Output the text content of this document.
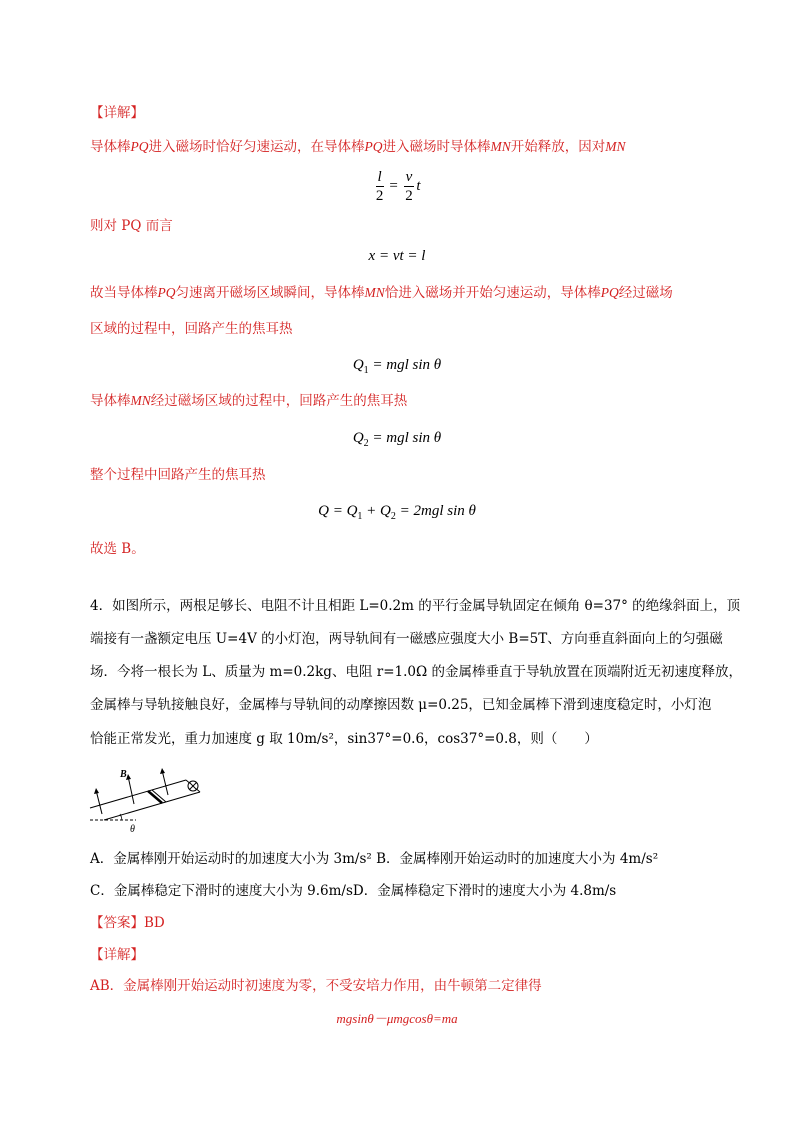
【详解】
导体棒PQ进入磁场时恰好匀速运动，在导体棒PQ进入磁场时导体棒MN开始释放，因对MN
$\frac{l}{2} = \frac{v}{2}$ t
则对 PQ 而言
x = vt = l
故当导体棒PQ匀速离开磁场区域瞬间，导体棒MN恰进入磁场并开始匀速运动，导体棒PQ经过磁场
区域的过程中，回路产生的焦耳热
$Q_1$ = mgl sin θ
导体棒MN经过磁场区域的过程中，回路产生的焦耳热
$Q_2$ = mgl sin θ
整个过程中回路产生的焦耳热
$Q = Q_1 + Q_2 = 2mgl$ sin θ
故选 B。
4．如图所示，两根足够长、电阻不计且相距 L=0.2m 的平行金属导轨固定在倾角 θ=37° 的绝缘斜面上，顶
端接有一盏额定电压 U=4V 的小灯泡，两导轨间有一磁感应强度大小 B=5T、方向垂直斜面向上的匀强磁
场．今将一根长为 L、质量为 m=0.2kg、电阻 r=1.0Ω 的金属棒垂直于导轨放置在顶端附近无初速度释放，
金属棒与导轨接触良好，金属棒与导轨间的动摩擦因数 μ=0.25，已知金属棒下滑到速度稳定时，小灯泡
恰能正常发光，重力加速度 g 取 10m/s²，sin37°=0.6，cos37°=0.8，则（　　）
B
θ
A．金属棒刚开始运动时的加速度大小为 3m/s² B．金属棒刚开始运动时的加速度大小为 4m/s²
C．金属棒稳定下滑时的速度大小为 9.6m/sD．金属棒稳定下滑时的速度大小为 4.8m/s
【答案】BD
【详解】
AB．金属棒刚开始运动时初速度为零，不受安培力作用，由牛顿第二定律得
mgsinθ－μmgcosθ=ma
